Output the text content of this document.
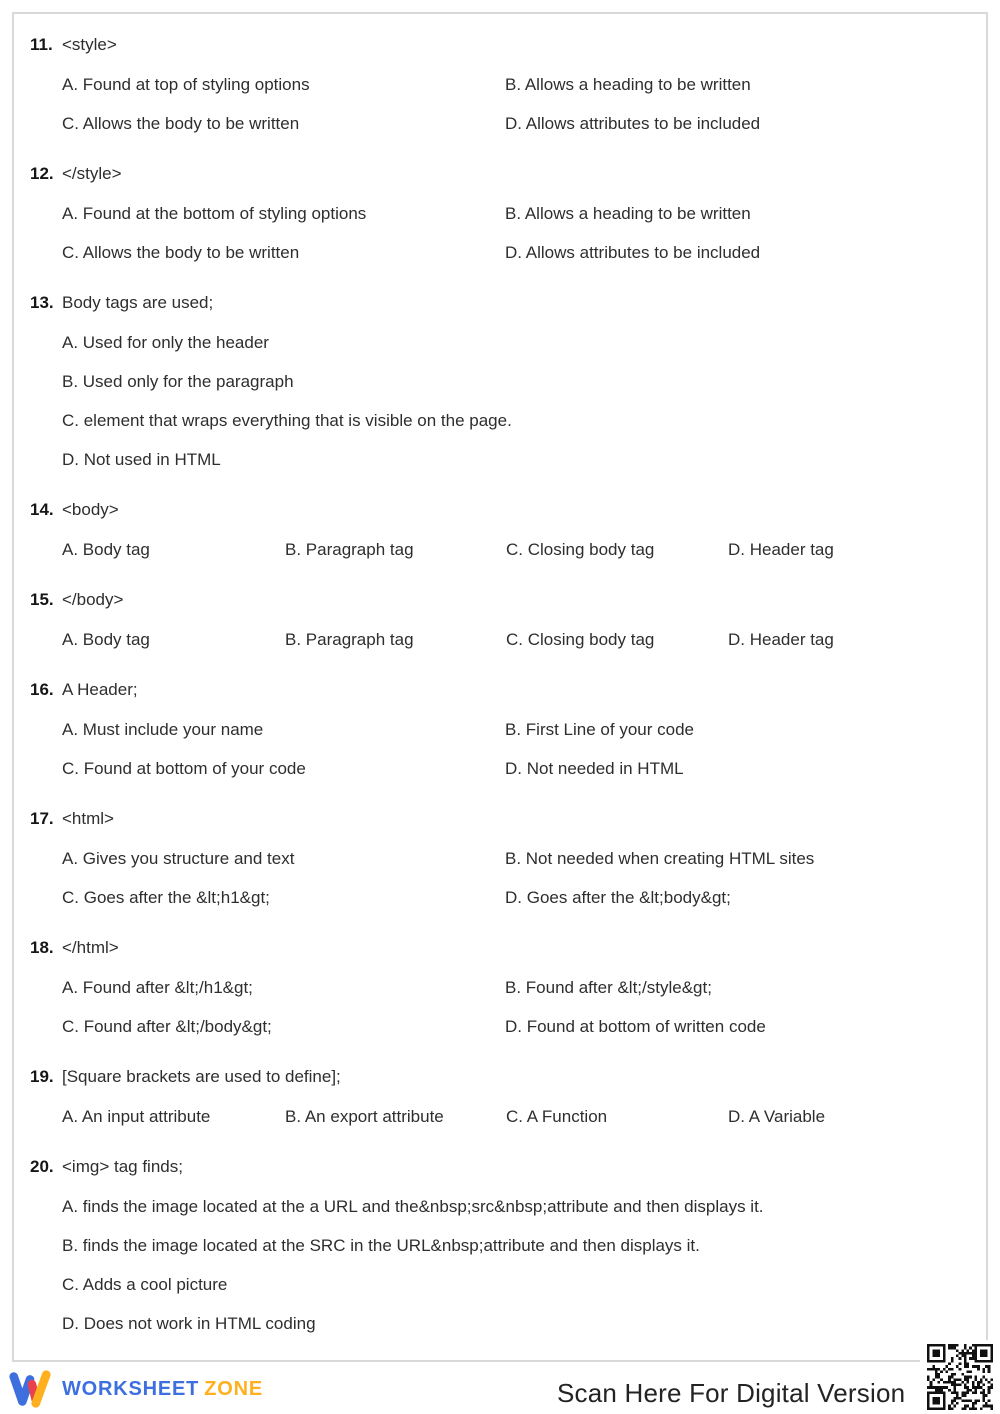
11. <style>
A. Found at top of styling options	B. Allows a heading to be written
C. Allows the body to be written	D. Allows attributes to be included
12. </style>
A. Found at the bottom of styling options	B. Allows a heading to be written
C. Allows the body to be written	D. Allows attributes to be included
13. Body tags are used;
A. Used for only the header
B. Used only for the paragraph
C. element that wraps everything that is visible on the page.
D. Not used in HTML
14. <body>
A. Body tag	B. Paragraph tag	C. Closing body tag	D. Header tag
15. </body>
A. Body tag	B. Paragraph tag	C. Closing body tag	D. Header tag
16. A Header;
A. Must include your name	B. First Line of your code
C. Found at bottom of your code	D. Not needed in HTML
17. <html>
A. Gives you structure and text	B. Not needed when creating HTML sites
C. Goes after the &lt;h1&gt;	D. Goes after the &lt;body&gt;
18. </html>
A. Found after &lt;/h1&gt;	B. Found after &lt;/style&gt;
C. Found after &lt;/body&gt;	D. Found at bottom of written code
19. [Square brackets are used to define];
A. An input attribute	B. An export attribute	C. A Function	D. A Variable
20. <img> tag finds;
A. finds the image located at the a URL and the&nbsp;src&nbsp;attribute and then displays it.
B. finds the image located at the SRC in the URL&nbsp;attribute and then displays it.
C. Adds a cool picture
D. Does not work in HTML coding
WORKSHEET ZONE	Scan Here For Digital Version
